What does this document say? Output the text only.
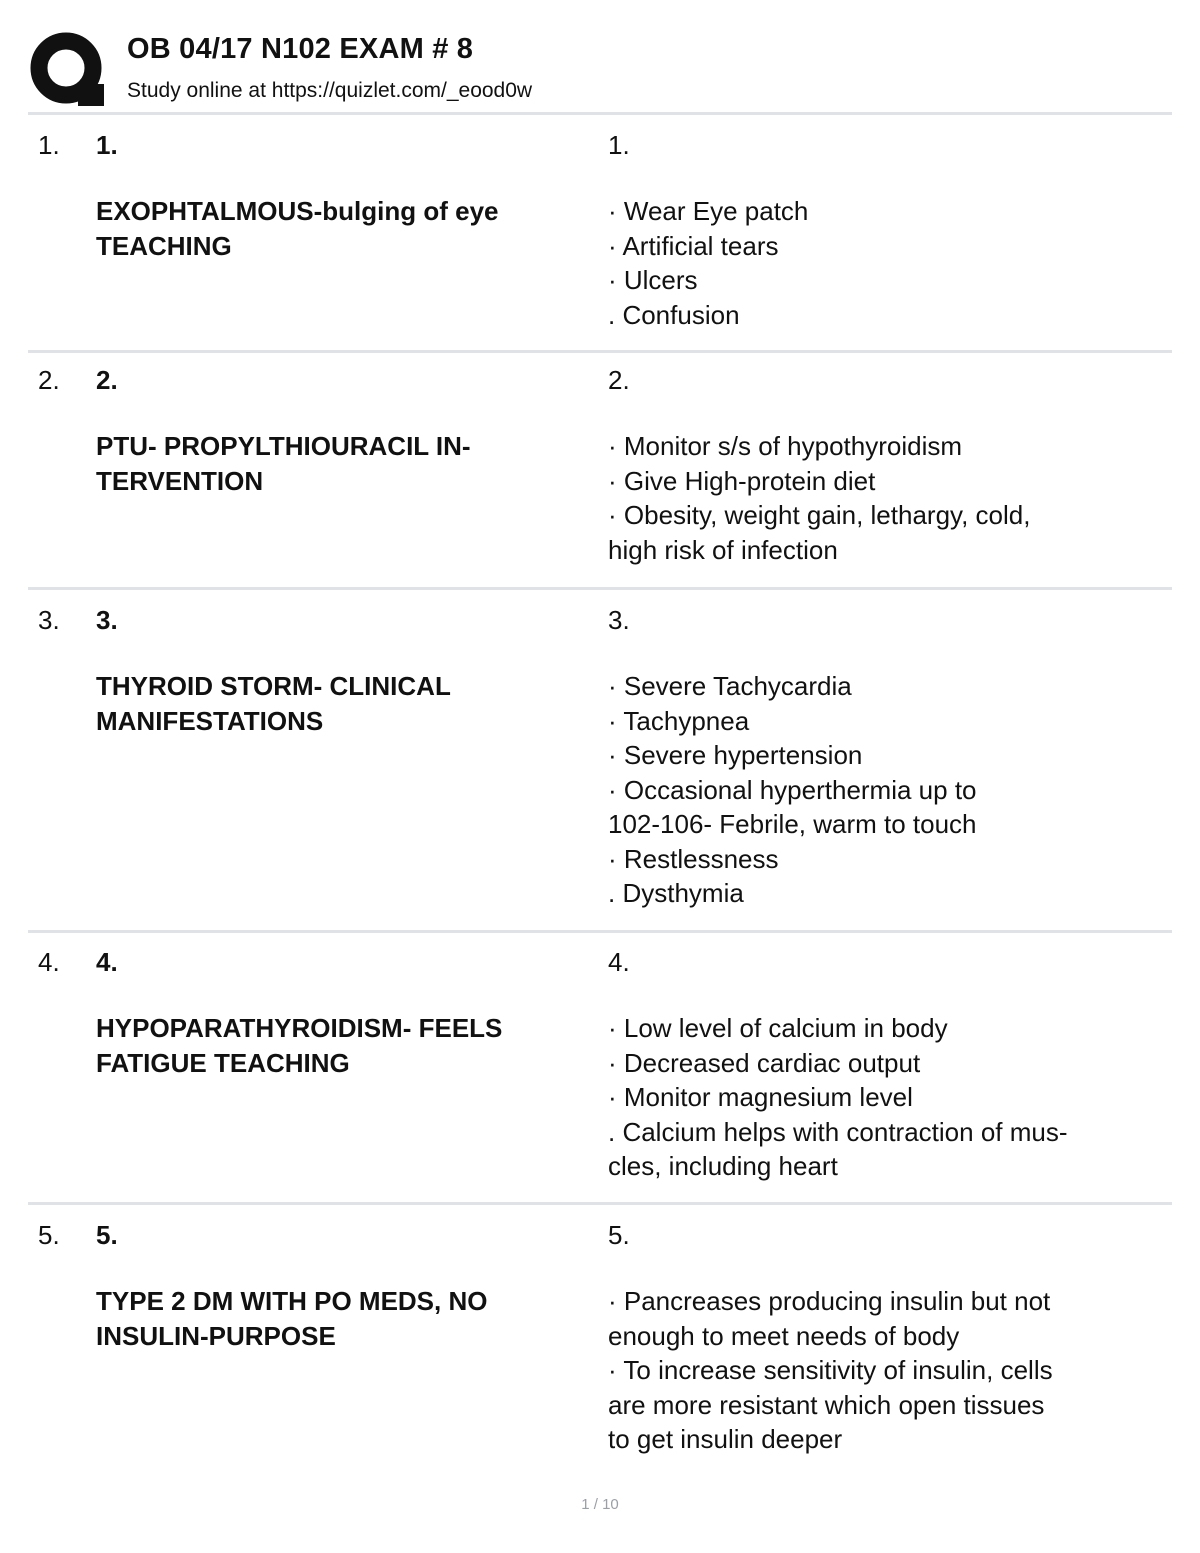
OB 04/17 N102 EXAM # 8
Study online at https://quizlet.com/_eood0w
1. 1.
EXOPHTALMOUS-bulging of eye
TEACHING
1.
· Wear Eye patch
· Artificial tears
· Ulcers
. Confusion
2. 2.
PTU- PROPYLTHIOURACIL IN-
TERVENTION
2.
· Monitor s/s of hypothyroidism
· Give High-protein diet
· Obesity, weight gain, lethargy, cold,
high risk of infection
3. 3.
THYROID STORM- CLINICAL
MANIFESTATIONS
3.
· Severe Tachycardia
· Tachypnea
· Severe hypertension
· Occasional hyperthermia up to
102-106- Febrile, warm to touch
· Restlessness
. Dysthymia
4. 4.
HYPOPARATHYROIDISM- FEELS
FATIGUE TEACHING
4.
· Low level of calcium in body
· Decreased cardiac output
· Monitor magnesium level
. Calcium helps with contraction of mus-
cles, including heart
5. 5.
TYPE 2 DM WITH PO MEDS, NO
INSULIN-PURPOSE
5.
· Pancreases producing insulin but not
enough to meet needs of body
· To increase sensitivity of insulin, cells
are more resistant which open tissues
to get insulin deeper
1 / 10
